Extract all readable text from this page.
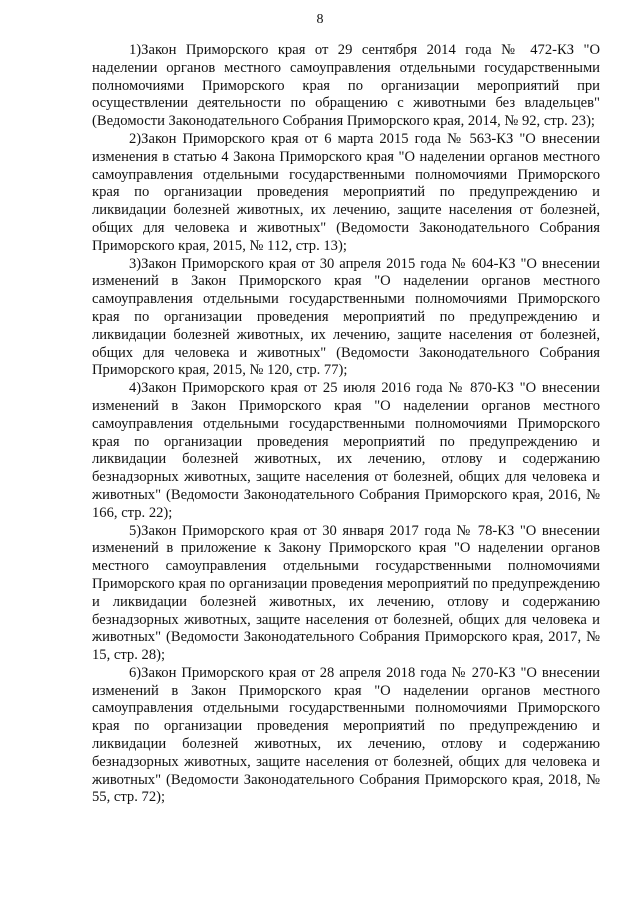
8

1)Закон Приморского края от 29 сентября 2014 года № 472-КЗ "О наделении органов местного самоуправления отдельными государственными полномочиями Приморского края по организации мероприятий при осуществлении деятельности по обращению с животными без владельцев" (Ведомости Законодательного Собрания Приморского края, 2014, № 92, стр. 23);

2)Закон Приморского края от 6 марта 2015 года № 563-КЗ "О внесении изменения в статью 4 Закона Приморского края "О наделении органов местного самоуправления отдельными государственными полномочиями Приморского края по организации проведения мероприятий по предупреждению и ликвидации болезней животных, их лечению, защите населения от болезней, общих для человека и животных" (Ведомости Законодательного Собрания Приморского края, 2015, № 112, стр. 13);

3)Закон Приморского края от 30 апреля 2015 года № 604-КЗ "О внесении изменений в Закон Приморского края "О наделении органов местного самоуправления отдельными государственными полномочиями Приморского края по организации проведения мероприятий по предупреждению и ликвидации болезней животных, их лечению, защите населения от болезней, общих для человека и животных" (Ведомости Законодательного Собрания Приморского края, 2015, № 120, стр. 77);

4)Закон Приморского края от 25 июля 2016 года № 870-КЗ "О внесении изменений в Закон Приморского края "О наделении органов местного самоуправления отдельными государственными полномочиями Приморского края по организации проведения мероприятий по предупреждению и ликвидации болезней животных, их лечению, отлову и содержанию безнадзорных животных, защите населения от болезней, общих для человека и животных" (Ведомости Законодательного Собрания Приморского края, 2016, № 166, стр. 22);

5)Закон Приморского края от 30 января 2017 года № 78-КЗ "О внесении изменений в приложение к Закону Приморского края "О наделении органов местного самоуправления отдельными государственными полномочиями Приморского края по организации проведения мероприятий по предупреждению и ликвидации болезней животных, их лечению, отлову и содержанию безнадзорных животных, защите населения от болезней, общих для человека и животных" (Ведомости Законодательного Собрания Приморского края, 2017, № 15, стр. 28);

6)Закон Приморского края от 28 апреля 2018 года № 270-КЗ "О внесении изменений в Закон Приморского края "О наделении органов местного самоуправления отдельными государственными полномочиями Приморского края по организации проведения мероприятий по предупреждению и ликвидации болезней животных, их лечению, отлову и содержанию безнадзорных животных, защите населения от болезней, общих для человека и животных" (Ведомости Законодательного Собрания Приморского края, 2018, № 55, стр. 72);
